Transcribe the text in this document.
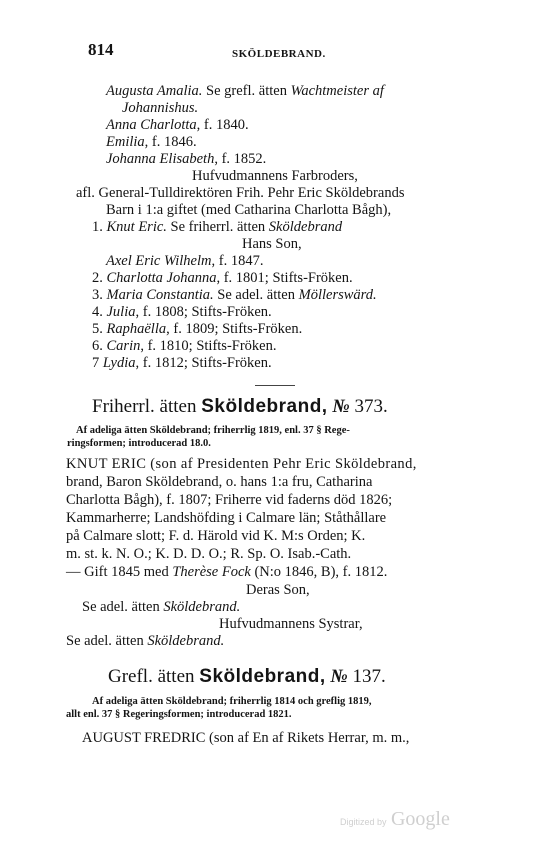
814	SKÖLDEBRAND.
Augusta Amalia. Se grefl. ätten Wachtmeister af
Johannishus.
Anna Charlotta, f. 1840.
Emilia, f. 1846.
Johanna Elisabeth, f. 1852.
Hufvudmannens Farbroders,
afl. General-Tulldirektören Frih. Pehr Eric Sköldebrands
Barn i 1:a giftet (med Catharina Charlotta Bågh),
1. Knut Eric. Se friherrl. ätten Sköldebrand
Hans Son,
Axel Eric Wilhelm, f. 1847.
2. Charlotta Johanna, f. 1801; Stifts-Fröken.
3. Maria Constantia. Se adel. ätten Möllerswärd.
4. Julia, f. 1808; Stifts-Fröken.
5. Raphaëlla, f. 1809; Stifts-Fröken.
6. Carin, f. 1810; Stifts-Fröken.
7 Lydia, f. 1812; Stifts-Fröken.
Friherrl. ätten Sköldebrand, № 373.
Af adeliga ätten Sköldebrand; friherrlig 1819, enl. 37 § Rege-
ringsformen; introducerad 18.0.
KNUT ERIC (son af Presidenten Pehr Eric Sköldebrand,
brand, Baron Sköldebrand, o. hans 1:a fru, Catharina
Charlotta Bågh), f. 1807; Friherre vid faderns död 1826;
Kammarherre; Landshöfding i Calmare län; Ståthållare
på Calmare slott; F. d. Härold vid K. M:s Orden; K.
m. st. k. N. O.; K. D. D. O.; R. Sp. O. Isab.-Cath.
— Gift 1845 med Therèse Fock (N:o 1846, B), f. 1812.
Deras Son,
Se adel. ätten Sköldebrand.
Hufvudmannens Systrar,
Se adel. ätten Sköldebrand.
Grefl. ätten Sköldebrand, № 137.
Af adeliga ätten Sköldebrand; friherrlig 1814 och greflig 1819,
allt enl. 37 § Regeringsformen; introducerad 1821.
AUGUST FREDRIC (son af En af Rikets Herrar, m. m.,
Digitized by Google
